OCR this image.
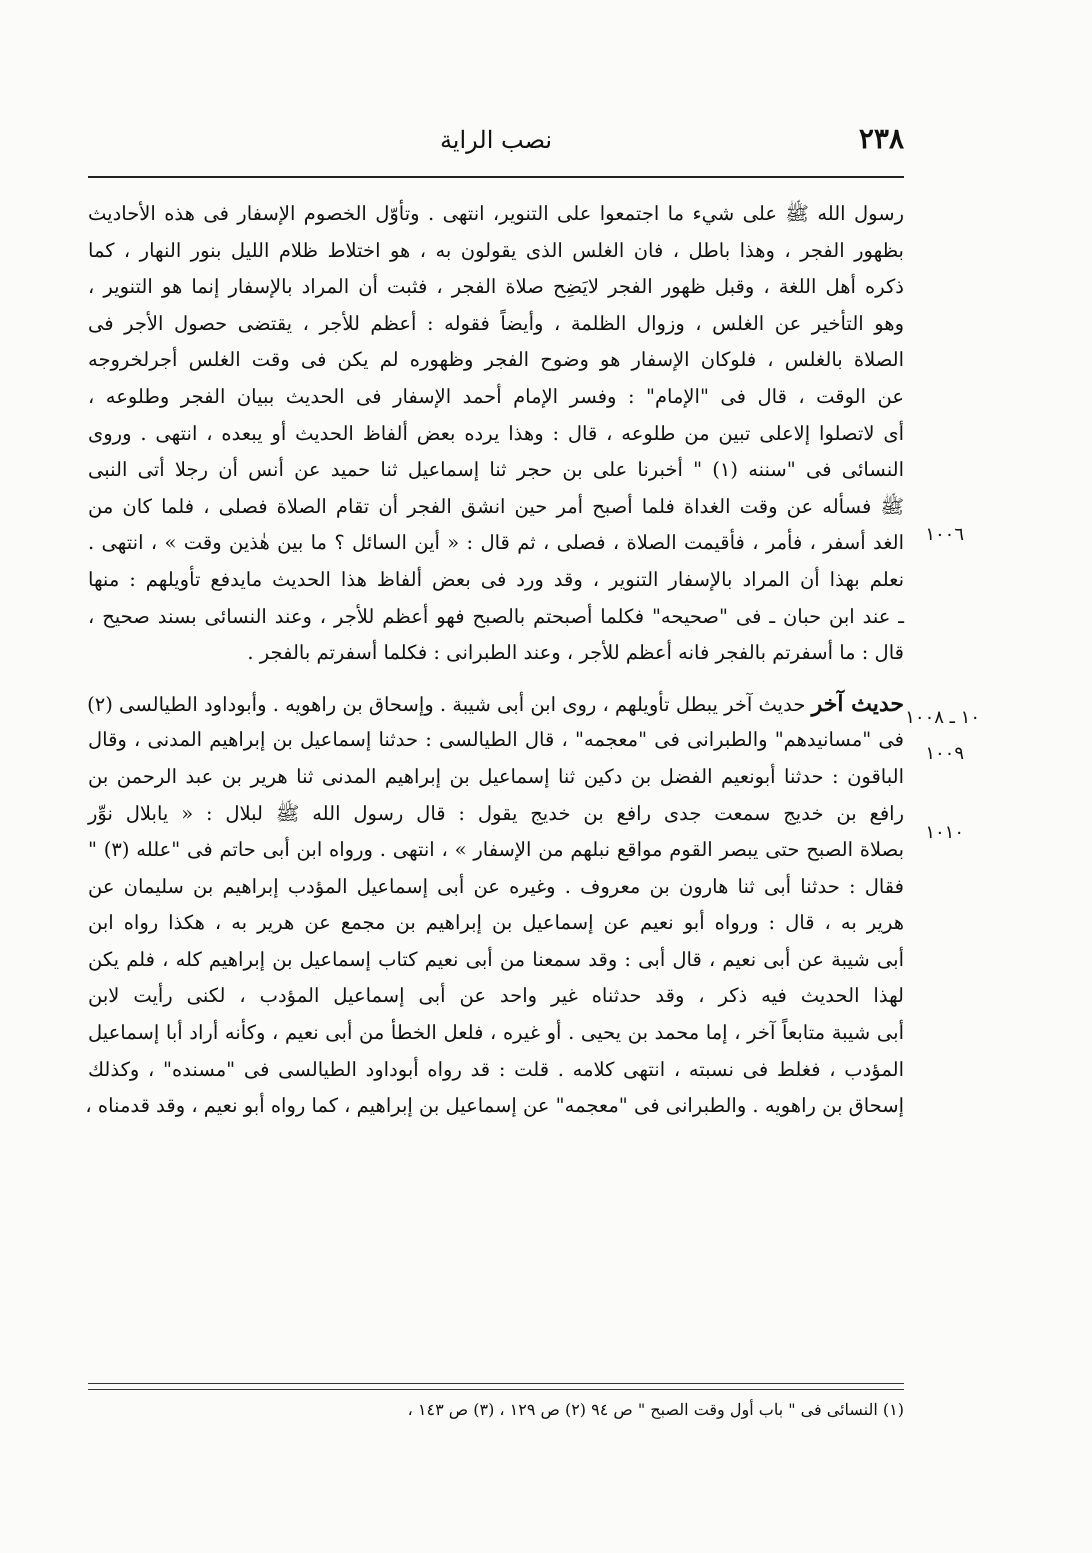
٢٣٨
نصب الراية
رسول الله ﷺ على شيء ما اجتمعوا على التنوير، انتهى . وتأوّل الخصوم الإسفار فى هذه الأحاديث
بظهور الفجر ، وهذا باطل ، فان الغلس الذى يقولون به ، هو اختلاط ظلام الليل بنور النهار ، كما
ذكره أهل اللغة ، وقبل ظهور الفجر لايَضِح صلاة الفجر ، فثبت أن المراد بالإسفار إنما هو التنوير ،
وهو التأخير عن الغلس ، وزوال الظلمة ، وأيضاً فقوله : أعظم للأجر ، يقتضى حصول الأجر فى
الصلاة بالغلس ، فلوكان الإسفار هو وضوح الفجر وظهوره لم يكن فى وقت الغلس أجرلخروجه
عن الوقت ، قال فى "الإمام" : وفسر الإمام أحمد الإسفار فى الحديث ببيان الفجر وطلوعه ،
أى لاتصلوا إلاعلى تبين من طلوعه ، قال : وهذا يرده بعض ألفاظ الحديث أو يبعده ، انتهى . وروى
النسائى فى "سننه (١) " أخبرنا على بن حجر ثنا إسماعيل ثنا حميد عن أنس أن رجلا أتى النبى
ﷺ فسأله عن وقت الغداة فلما أصبح أمر حين انشق الفجر أن تقام الصلاة فصلى ، فلما كان من
الغد أسفر ، فأمر ، فأقيمت الصلاة ، فصلى ، ثم قال : « أين السائل ؟ ما بين هٰذين وقت » ، انتهى .
نعلم بهذا أن المراد بالإسفار التنوير ، وقد ورد فى بعض ألفاظ هذا الحديث مايدفع تأويلهم : منها
ـ عند ابن حبان ـ فى "صحيحه" فكلما أصبحتم بالصبح فهو أعظم للأجر ، وعند النسائى بسند صحيح ،
قال : ما أسفرتم بالفجر فانه أعظم للأجر ، وعند الطبرانى : فكلما أسفرتم بالفجر .
حديث آخر حديث آخر يبطل تأويلهم ، روى ابن أبى شيبة . وإسحاق بن راهويه . وأبوداود الطيالسى (٢)
فى "مسانيدهم" والطبرانى فى "معجمه" ، قال الطيالسى : حدثنا إسماعيل بن إبراهيم المدنى ، وقال
الباقون : حدثنا أبونعيم الفضل بن دكين ثنا إسماعيل بن إبراهيم المدنى ثنا هرير بن عبد الرحمن بن
رافع بن خديج سمعت جدى رافع بن خديج يقول : قال رسول الله ﷺ لبلال : « يابلال نوِّر
بصلاة الصبح حتى يبصر القوم مواقع نبلهم من الإسفار » ، انتهى . ورواه ابن أبى حاتم فى "علله (٣) "
فقال : حدثنا أبى ثنا هارون بن معروف . وغيره عن أبى إسماعيل المؤدب إبراهيم بن سليمان عن
هرير به ، قال : ورواه أبو نعيم عن إسماعيل بن إبراهيم بن مجمع عن هرير به ، هكذا رواه ابن
أبى شيبة عن أبى نعيم ، قال أبى : وقد سمعنا من أبى نعيم كتاب إسماعيل بن إبراهيم كله ، فلم يكن
لهذا الحديث فيه ذكر ، وقد حدثناه غير واحد عن أبى إسماعيل المؤدب ، لكنى رأيت لابن
أبى شيبة متابعاً آخر ، إما محمد بن يحيى . أو غيره ، فلعل الخطأ من أبى نعيم ، وكأنه أراد أبا إسماعيل
المؤدب ، فغلط فى نسبته ، انتهى كلامه . قلت : قد رواه أبوداود الطيالسى فى "مسنده" ، وكذلك
إسحاق بن راهويه . والطبرانى فى "معجمه" عن إسماعيل بن إبراهيم ، كما رواه أبو نعيم ، وقد قدمناه ،
١٠٠٦
١٠ ـ ١٠٠٨
١٠٠٩
١٠١٠
(١) النسائى فى " باب أول وقت الصبح " ص ٩٤ (٢) ص ١٢٩ ، (٣) ص ١٤٣ ،
